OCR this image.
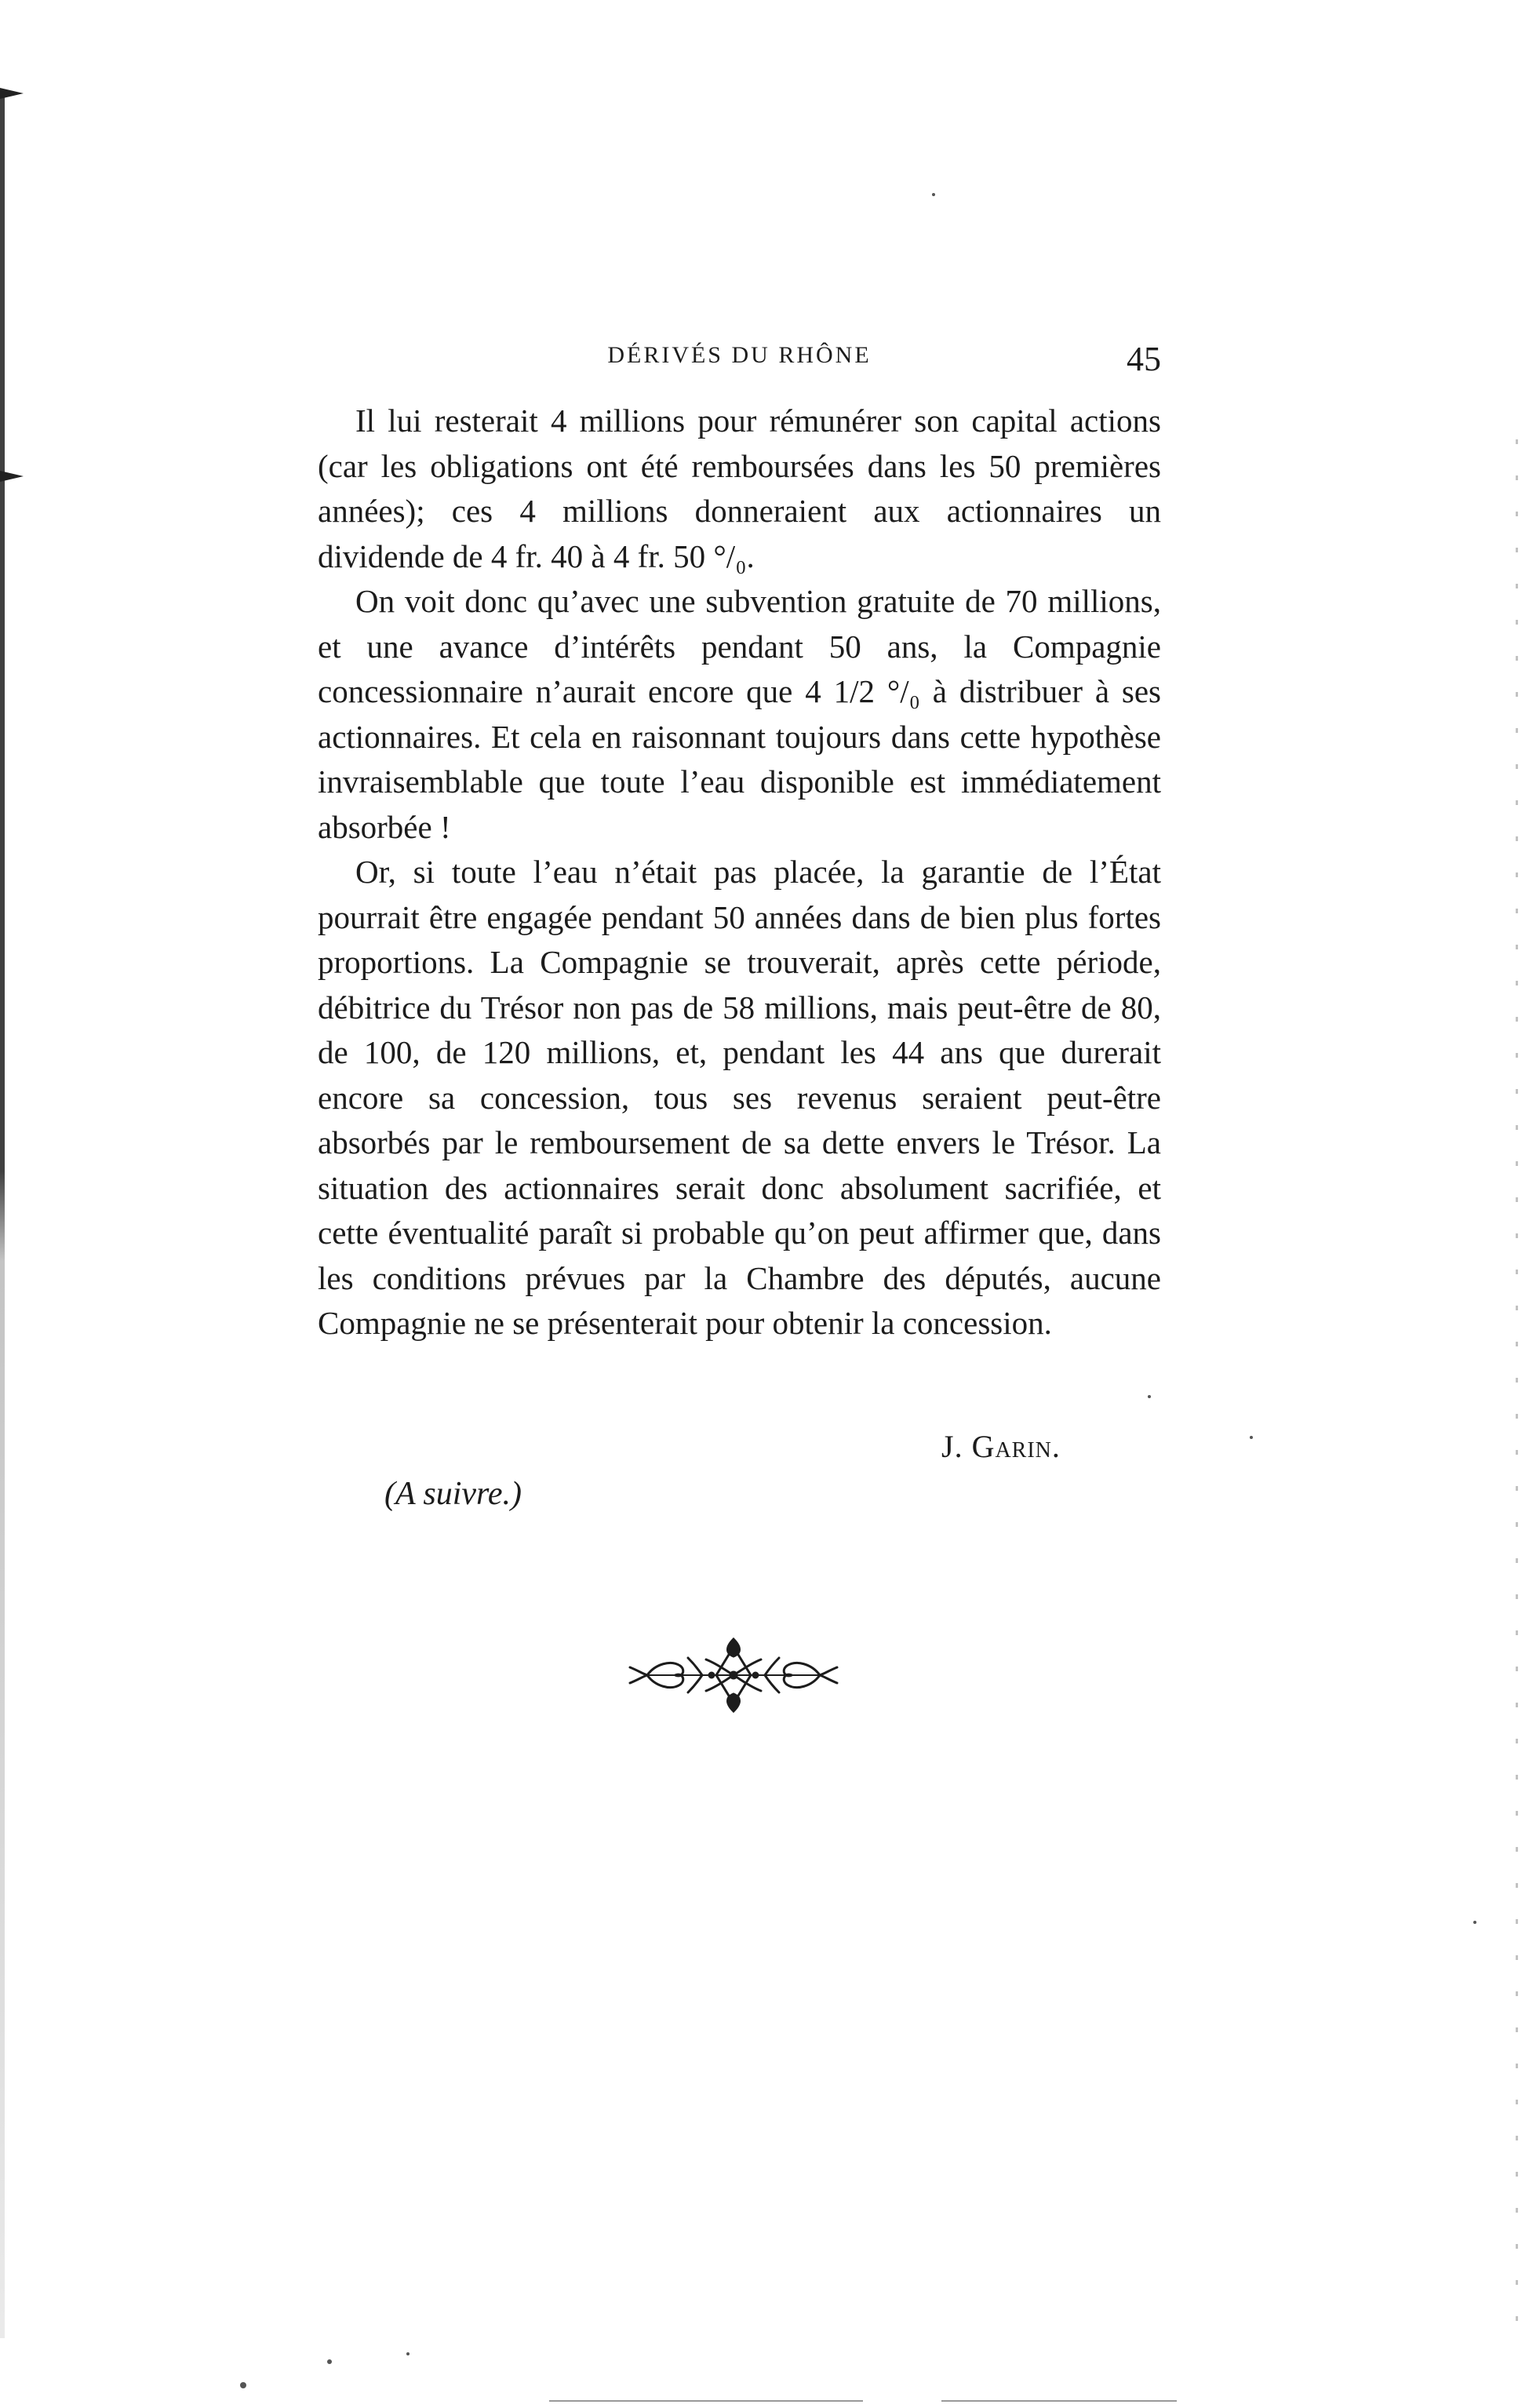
DÉRIVÉS DU RHÔNE	45

Il lui resterait 4 millions pour rémunérer son capital actions (car les obligations ont été remboursées dans les 50 premières années); ces 4 millions donneraient aux actionnaires un dividende de 4 fr. 40 à 4 fr. 50 °/₀.

On voit donc qu’avec une subvention gratuite de 70 millions, et une avance d’intérêts pendant 50 ans, la Compagnie concessionnaire n’aurait encore que 4 1/2 °/₀ à distribuer à ses actionnaires. Et cela en raisonnant toujours dans cette hypothèse invraisemblable que toute l’eau disponible est immédiatement absorbée !

Or, si toute l’eau n’était pas placée, la garantie de l’État pourrait être engagée pendant 50 années dans de bien plus fortes proportions. La Compagnie se trouverait, après cette période, débitrice du Trésor non pas de 58 millions, mais peut-être de 80, de 100, de 120 millions, et, pendant les 44 ans que durerait encore sa concession, tous ses revenus seraient peut-être absorbés par le remboursement de sa dette envers le Trésor. La situation des actionnaires serait donc absolument sacrifiée, et cette éventualité paraît si probable qu’on peut affirmer que, dans les conditions prévues par la Chambre des députés, aucune Compagnie ne se présenterait pour obtenir la concession.

J. Garin.
(A suivre.)
